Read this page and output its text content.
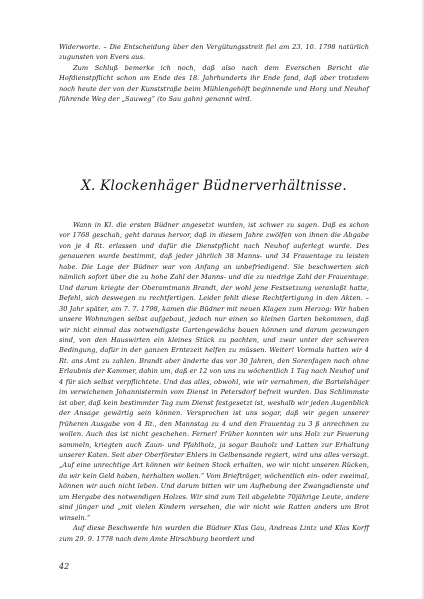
Widerworte. – Die Entscheidung über den Vergütungsstreit fiel am 23. 10. 1798 natürlich zugunsten von Evers aus.

Zum Schluß bemerke ich noch, daß also nach dem Everschen Bericht die Hofdienstpflicht schon am Ende des 18. Jahrhunderts ihr Ende fand, daß aber trotzdem noch heute der von der Kunststraße beim Mühlengehöft beginnende und Horg und Neuhof führende Weg der „Sauweg“ (to Sau gahn) genannt wird.

X. Klockenhäger Büdnerverhältnisse.

Wann in Kl. die ersten Büdner angesetzt wurden, ist schwer zu sagen. Daß es schon vor 1768 geschah, geht daraus hervor, daß in diesem Jahre zwölfen von ihnen die Abgabe von je 4 Rt. erlassen und dafür die Dienstpflicht nach Neuhof auferlegt wurde. Des genaueren wurde bestimmt, daß jeder jährlich 38 Manns- und 34 Frauentage zu leisten habe. Die Lage der Büdner war von Anfang an unbefriedigend. Sie beschwerten sich nämlich sofort über die zu hohe Zahl der Manns- und die zu niedrige Zahl der Frauentage. Und darum kriegte der Oberamtmann Brandt, der wohl jene Festsetzung veranlaßt hatte, Befehl, sich deswegen zu rechtfertigen. Leider fehlt diese Rechtfertigung in den Akten. – 30 Jahr später, am 7. 7. 1798, kamen die Büdner mit neuen Klagen zum Herzog: Wir haben unsere Wohnungen selbst aufgebaut, jedoch nur einen so kleinen Garten bekommen, daß wir nicht einmal das notwendigste Gartengewächs bauen können und darum gezwungen sind, von den Hauswirten ein kleines Stück zu pachten, und zwar unter der schweren Bedingung, dafür in der ganzen Erntezeit helfen zu müssen. Weiter! Vormals hatten wir 4 Rt. ans Amt zu zahlen. Brandt aber änderte das vor 30 Jahren, den Sorenfagen nach ohne Erlaubnis der Kammer, dahin um, daß er 12 von uns zu wöchentlich 1 Tag nach Neuhof und 4 für sich selbst verpflichtete. Und das alles, obwohl, wie wir vernahmen, die Bartelshäger im verwichenen Johannistermin vom Dienst in Petersdorf befreit wurden. Das Schlimmste ist aber, daß kein bestimmter Tag zum Dienst festgesetzt ist, weshalb wir jeden Augenblick der Ansage gewärtig sein können. Versprochen ist uns sogar, daß wir gegen unserer früheren Ausgabe von 4 Rt., den Mannstag zu 4 und den Frauentag zu 3 ß anrechnen zu wollen. Auch das ist nicht geschehen. Ferner! Früher konnten wir uns Holz zur Feuerung sammeln, kriegten auch Zaun- und Pfahlholz, ja sogar Bauholz und Latten zur Erhaltung unserer Katen. Seit aber Oberförster Ehlers in Gelbensande regiert, wird uns alles versagt. „Auf eine unrechtige Art können wir keinen Stock erhalten, wo wir nicht unseren Rücken, da wir kein Geld haben, herhalten wollen.“ Vom Briefträger, wöchentlich ein- oder zweimal, können wir auch nicht leben. Und darum bitten wir um Aufhebung der Zwangsdienste und um Hergabe des notwendigen Holzes. Wir sind zum Teil abgelebte 70jährige Leute, andere sind jünger und „mit vielen Kindern versehen, die wir nicht wie Ratten anders um Brot winseln.“

Auf diese Beschwerde hin wurden die Büdner Klas Gau, Andreas Lintz und Klas Korff zum 29. 9. 1778 nach dem Amte Hirschburg beordert und

42
